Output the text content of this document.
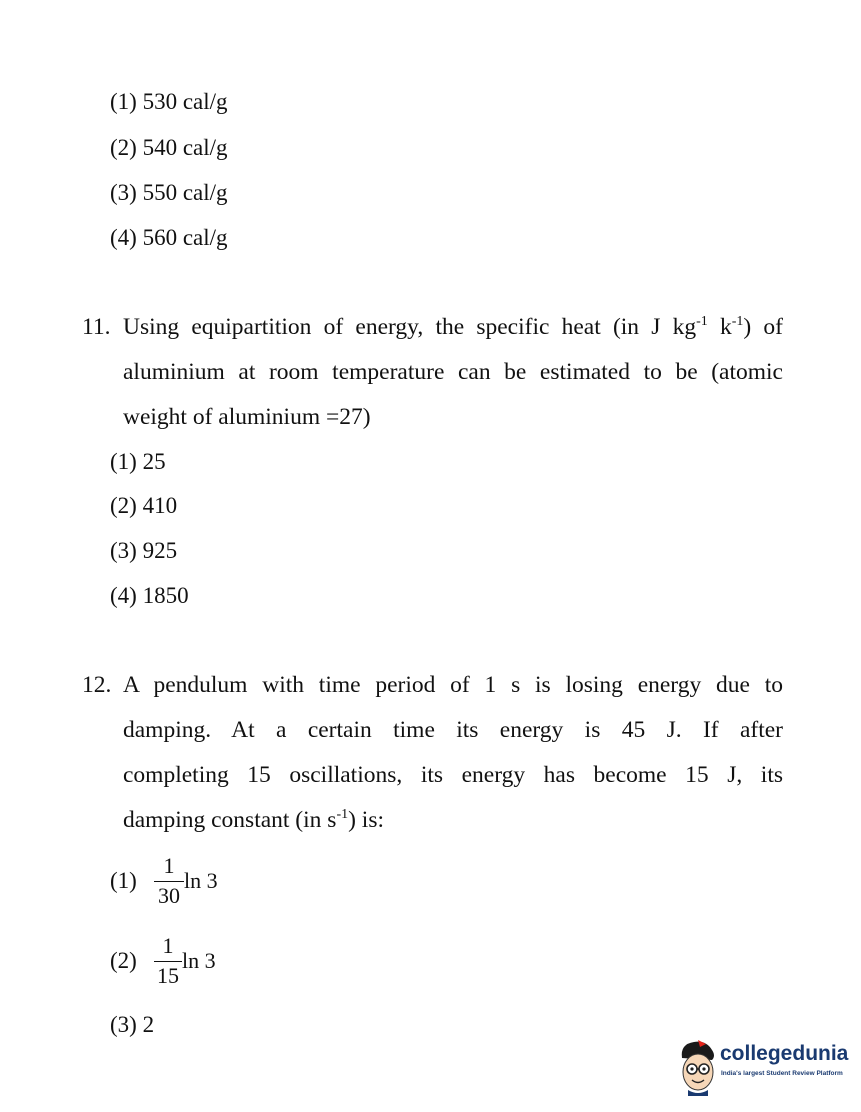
(1) 530 cal/g
(2) 540 cal/g
(3) 550 cal/g
(4) 560 cal/g
11. Using equipartition of energy, the specific heat (in J $kg^{-1}$ $k^{-1}$) of
aluminium at room temperature can be estimated to be (atomic
weight of aluminium =27)
(1) 25
(2) 410
(3) 925
(4) 1850
12. A pendulum with time period of 1 s is losing energy due to
damping. At a certain time its energy is 45 J. If after
completing 15 oscillations, its energy has become 15 J, its
damping constant (in $s^{-1}$) is:
(1)
1
30
ln 3
(2)
1
15
ln 3
(3) 2
collegedunia
India's largest Student Review Platform
